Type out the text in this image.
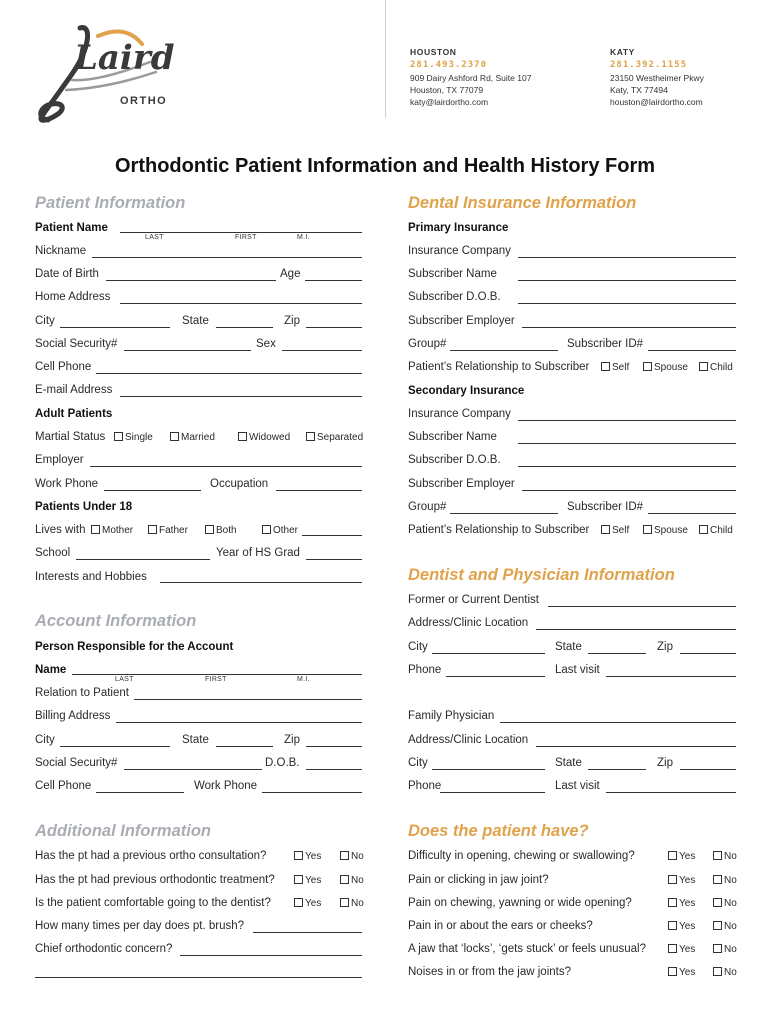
Laird
ORTHO
HOUSTON
281.493.2370
909 Dairy Ashford Rd, Suite 107
Houston, TX 77079
katy@lairdortho.com
KATY
281.392.1155
23150 Westheimer Pkwy
Katy, TX 77494
houston@lairdortho.com
Orthodontic Patient Information and Health History Form
Patient Information
Patient Name
LAST	FIRST	M.I.
Nickname
Date of Birth	Age
Home Address
City	State	Zip
Social Security#	Sex
Cell Phone
E-mail Address
Adult Patients
Martial Status	Single	Married	Widowed	Separated
Employer
Work Phone	Occupation
Patients Under 18
Lives with	Mother	Father	Both	Other
School	Year of HS Grad
Interests and Hobbies
Account Information
Person Responsible for the Account
Name
LAST	FIRST	M.I.
Relation to Patient
Billing Address
City	State	Zip
Social Security#	D.O.B.
Cell Phone	Work Phone
Additional Information
Has the pt had a previous ortho consultation?	Yes	No
Has the pt had previous orthodontic treatment?	Yes	No
Is the patient comfortable going to the dentist?	Yes	No
How many times per day does pt. brush?
Chief orthodontic concern?
Dental Insurance Information
Primary Insurance
Insurance Company
Subscriber Name
Subscriber D.O.B.
Subscriber Employer
Group#	Subscriber ID#
Patient’s Relationship to Subscriber	Self	Spouse	Child
Secondary Insurance
Insurance Company
Subscriber Name
Subscriber D.O.B.
Subscriber Employer
Group#	Subscriber ID#
Patient’s Relationship to Subscriber	Self	Spouse	Child
Dentist and Physician Information
Former or Current Dentist
Address/Clinic Location
City	State	Zip
Phone	Last visit
Family Physician
Address/Clinic Location
City	State	Zip
Phone	Last visit
Does the patient have?
Difficulty in opening, chewing or swallowing?	Yes	No
Pain or clicking in jaw joint?	Yes	No
Pain on chewing, yawning or wide opening?	Yes	No
Pain in or about the ears or cheeks?	Yes	No
A jaw that ‘locks’, ‘gets stuck’ or feels unusual?	Yes	No
Noises in or from the jaw joints?	Yes	No
